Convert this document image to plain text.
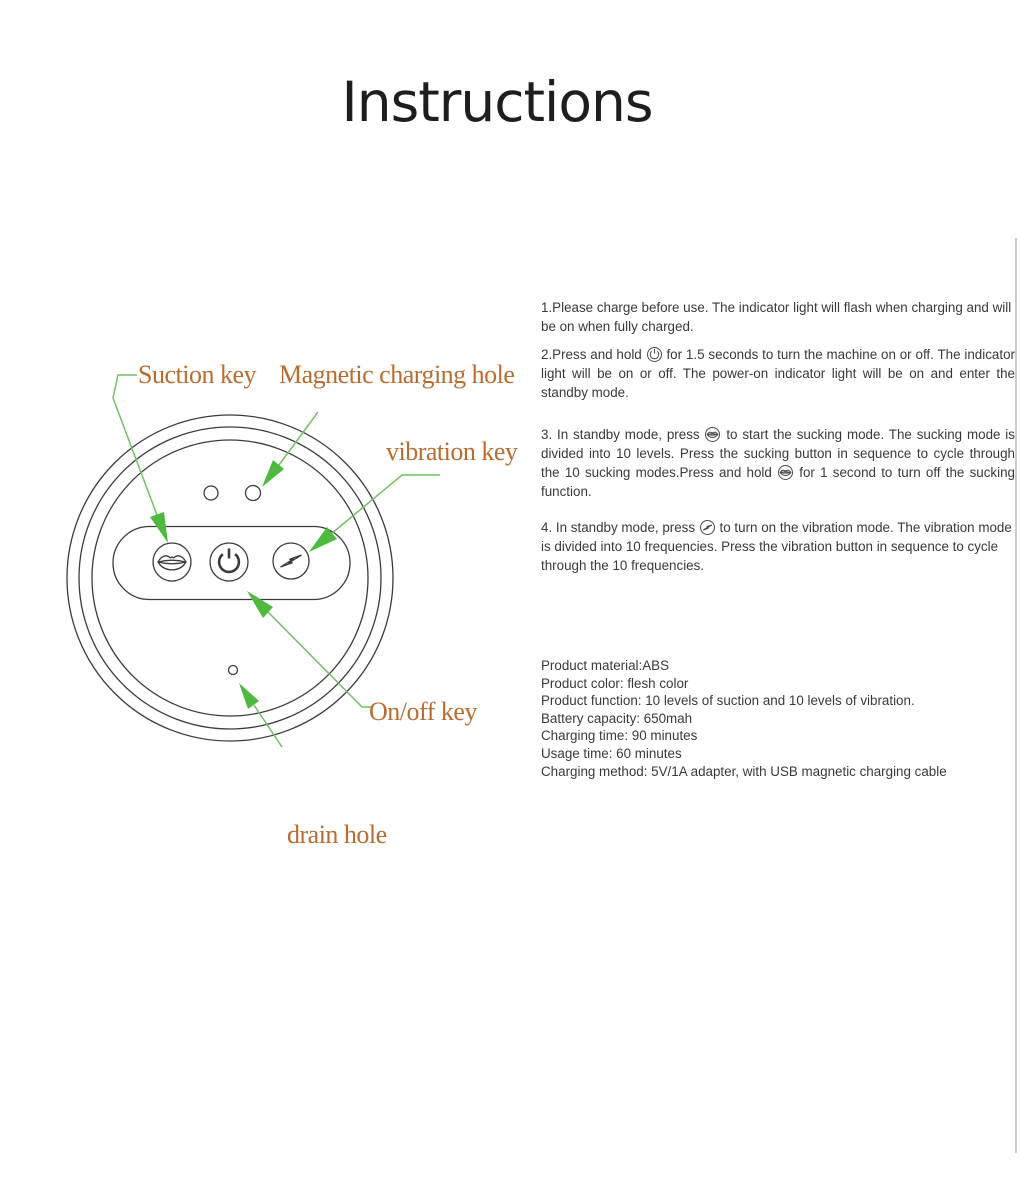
Instructions
Suction key Magnetic charging hole
vibration key
On/off key
drain hole

1.Please charge before use. The indicator light will flash when charging and will be on when fully charged.

2.Press and hold  for 1.5 seconds to turn the machine on or off. The indicator light will be on or off. The power-on indicator light will be on and enter the standby mode.

3. In standby mode, press  to start the sucking mode. The sucking mode is divided into 10 levels. Press the sucking button in sequence to cycle through the 10 sucking modes.Press and hold  for 1 second to turn off the sucking function.

4. In standby mode, press  to turn on the vibration mode. The vibration mode is divided into 10 frequencies. Press the vibration button in sequence to cycle through the 10 frequencies.

Product material:ABS
Product color: flesh color
Product function: 10 levels of suction and 10 levels of vibration.
Battery capacity: 650mah
Charging time: 90 minutes
Usage time: 60 minutes
Charging method: 5V/1A adapter, with USB magnetic charging cable
